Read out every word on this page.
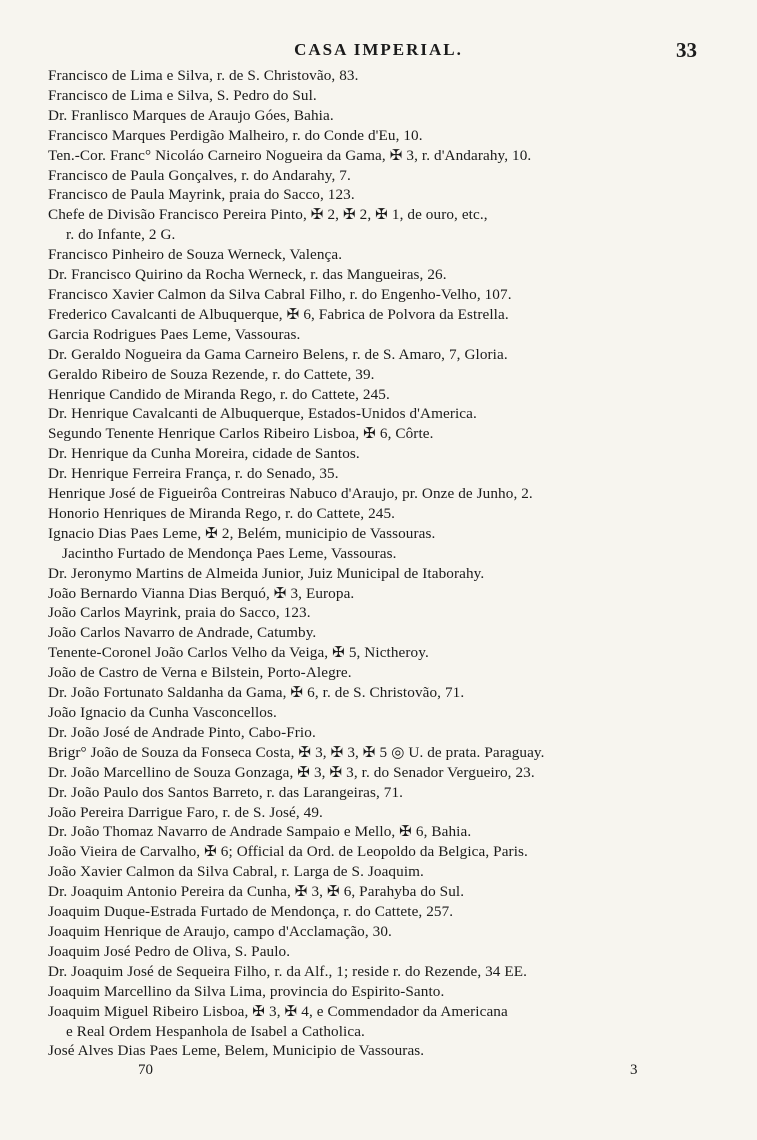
CASA IMPERIAL.	33
Francisco de Lima e Silva, r. de S. Christovão, 83.
Francisco de Lima e Silva, S. Pedro do Sul.
Dr. Franlisco Marques de Araujo Góes, Bahia.
Francisco Marques Perdigão Malheiro, r. do Conde d'Eu, 10.
Ten.-Cor. Franc° Nicoláo Carneiro Nogueira da Gama, ✠ 3, r. d'Andarahy, 10.
Francisco de Paula Gonçalves, r. do Andarahy, 7.
Francisco de Paula Mayrink, praia do Sacco, 123.
Chefe de Divisão Francisco Pereira Pinto, ✠ 2, ✠ 2, ✠ 1, de ouro, etc.,
r. do Infante, 2 G.
Francisco Pinheiro de Souza Werneck, Valença.
Dr. Francisco Quirino da Rocha Werneck, r. das Mangueiras, 26.
Francisco Xavier Calmon da Silva Cabral Filho, r. do Engenho-Velho, 107.
Frederico Cavalcanti de Albuquerque, ✠ 6, Fabrica de Polvora da Estrella.
Garcia Rodrigues Paes Leme, Vassouras.
Dr. Geraldo Nogueira da Gama Carneiro Belens, r. de S. Amaro, 7, Gloria.
Geraldo Ribeiro de Souza Rezende, r. do Cattete, 39.
Henrique Candido de Miranda Rego, r. do Cattete, 245.
Dr. Henrique Cavalcanti de Albuquerque, Estados-Unidos d'America.
Segundo Tenente Henrique Carlos Ribeiro Lisboa, ✠ 6, Côrte.
Dr. Henrique da Cunha Moreira, cidade de Santos.
Dr. Henrique Ferreira França, r. do Senado, 35.
Henrique José de Figueirôa Contreiras Nabuco d'Araujo, pr. Onze de Junho, 2.
Honorio Henriques de Miranda Rego, r. do Cattete, 245.
Ignacio Dias Paes Leme, ✠ 2, Belém, municipio de Vassouras.
Jacintho Furtado de Mendonça Paes Leme, Vassouras.
Dr. Jeronymo Martins de Almeida Junior, Juiz Municipal de Itaborahy.
João Bernardo Vianna Dias Berquó, ✠ 3, Europa.
João Carlos Mayrink, praia do Sacco, 123.
João Carlos Navarro de Andrade, Catumby.
Tenente-Coronel João Carlos Velho da Veiga, ✠ 5, Nictheroy.
João de Castro de Verna e Bilstein, Porto-Alegre.
Dr. João Fortunato Saldanha da Gama, ✠ 6, r. de S. Christovão, 71.
João Ignacio da Cunha Vasconcellos.
Dr. João José de Andrade Pinto, Cabo-Frio.
Brigr° João de Souza da Fonseca Costa, ✠ 3, ✠ 3, ✠ 5 ◎ U. de prata. Paraguay.
Dr. João Marcellino de Souza Gonzaga, ✠ 3, ✠ 3, r. do Senador Vergueiro, 23.
Dr. João Paulo dos Santos Barreto, r. das Larangeiras, 71.
João Pereira Darrigue Faro, r. de S. José, 49.
Dr. João Thomaz Navarro de Andrade Sampaio e Mello, ✠ 6, Bahia.
João Vieira de Carvalho, ✠ 6; Official da Ord. de Leopoldo da Belgica, Paris.
João Xavier Calmon da Silva Cabral, r. Larga de S. Joaquim.
Dr. Joaquim Antonio Pereira da Cunha, ✠ 3, ✠ 6, Parahyba do Sul.
Joaquim Duque-Estrada Furtado de Mendonça, r. do Cattete, 257.
Joaquim Henrique de Araujo, campo d'Acclamação, 30.
Joaquim José Pedro de Oliva, S. Paulo.
Dr. Joaquim José de Sequeira Filho, r. da Alf., 1; reside r. do Rezende, 34 EE.
Joaquim Marcellino da Silva Lima, provincia do Espirito-Santo.
Joaquim Miguel Ribeiro Lisboa, ✠ 3, ✠ 4, e Commendador da Americana
e Real Ordem Hespanhola de Isabel a Catholica.
José Alves Dias Paes Leme, Belem, Municipio de Vassouras.
70	3
